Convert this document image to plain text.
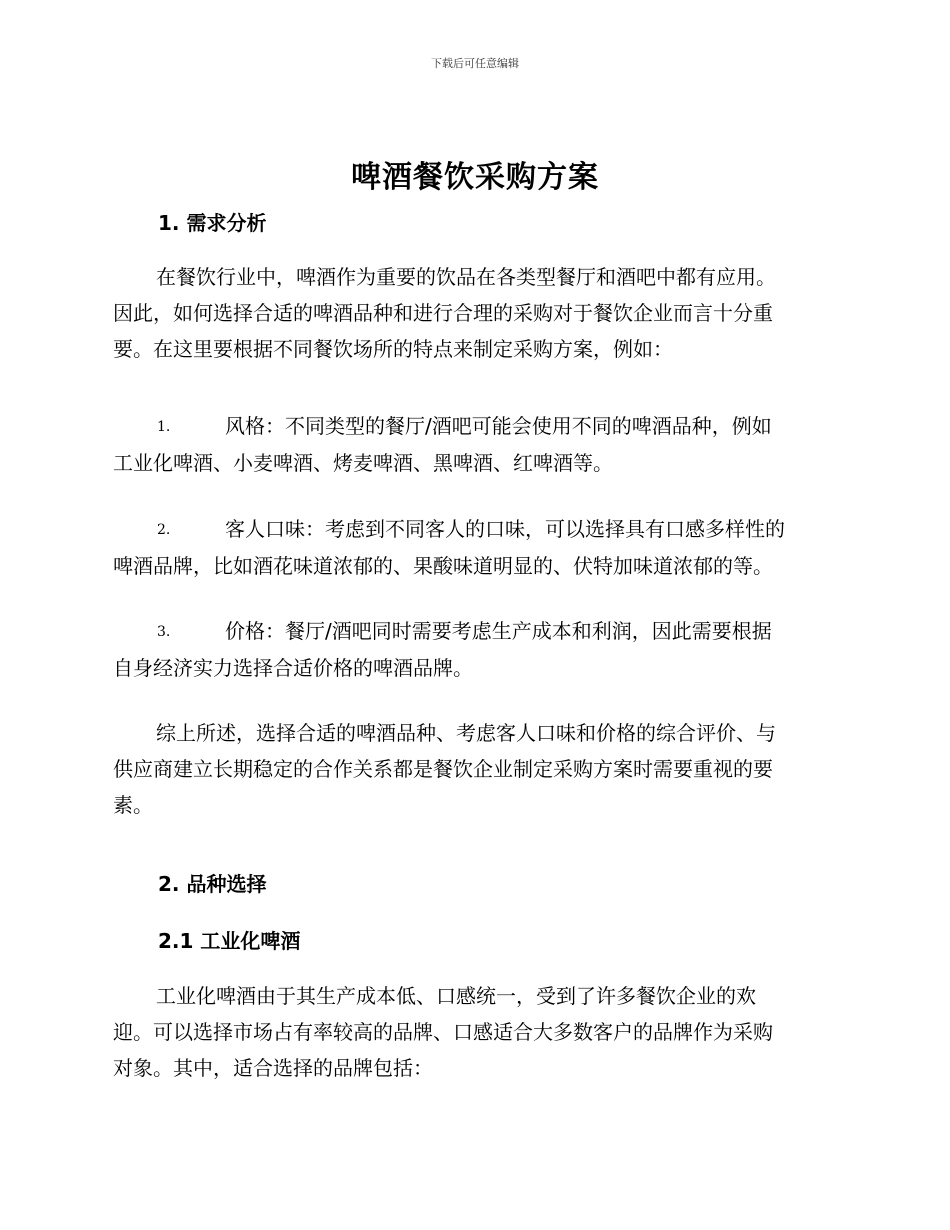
下载后可任意编辑
啤酒餐饮采购方案
1. 需求分析
在餐饮行业中，啤酒作为重要的饮品在各类型餐厅和酒吧中都有应用。
因此，如何选择合适的啤酒品种和进行合理的采购对于餐饮企业而言十分重
要。在这里要根据不同餐饮场所的特点来制定采购方案，例如：
1.	风格：不同类型的餐厅/酒吧可能会使用不同的啤酒品种，例如
工业化啤酒、小麦啤酒、烤麦啤酒、黑啤酒、红啤酒等。
2.	客人口味：考虑到不同客人的口味，可以选择具有口感多样性的
啤酒品牌，比如酒花味道浓郁的、果酸味道明显的、伏特加味道浓郁的等。
3.	价格：餐厅/酒吧同时需要考虑生产成本和利润，因此需要根据
自身经济实力选择合适价格的啤酒品牌。
综上所述，选择合适的啤酒品种、考虑客人口味和价格的综合评价、与
供应商建立长期稳定的合作关系都是餐饮企业制定采购方案时需要重视的要
素。
2. 品种选择
2.1 工业化啤酒
工业化啤酒由于其生产成本低、口感统一，受到了许多餐饮企业的欢
迎。可以选择市场占有率较高的品牌、口感适合大多数客户的品牌作为采购
对象。其中，适合选择的品牌包括：
